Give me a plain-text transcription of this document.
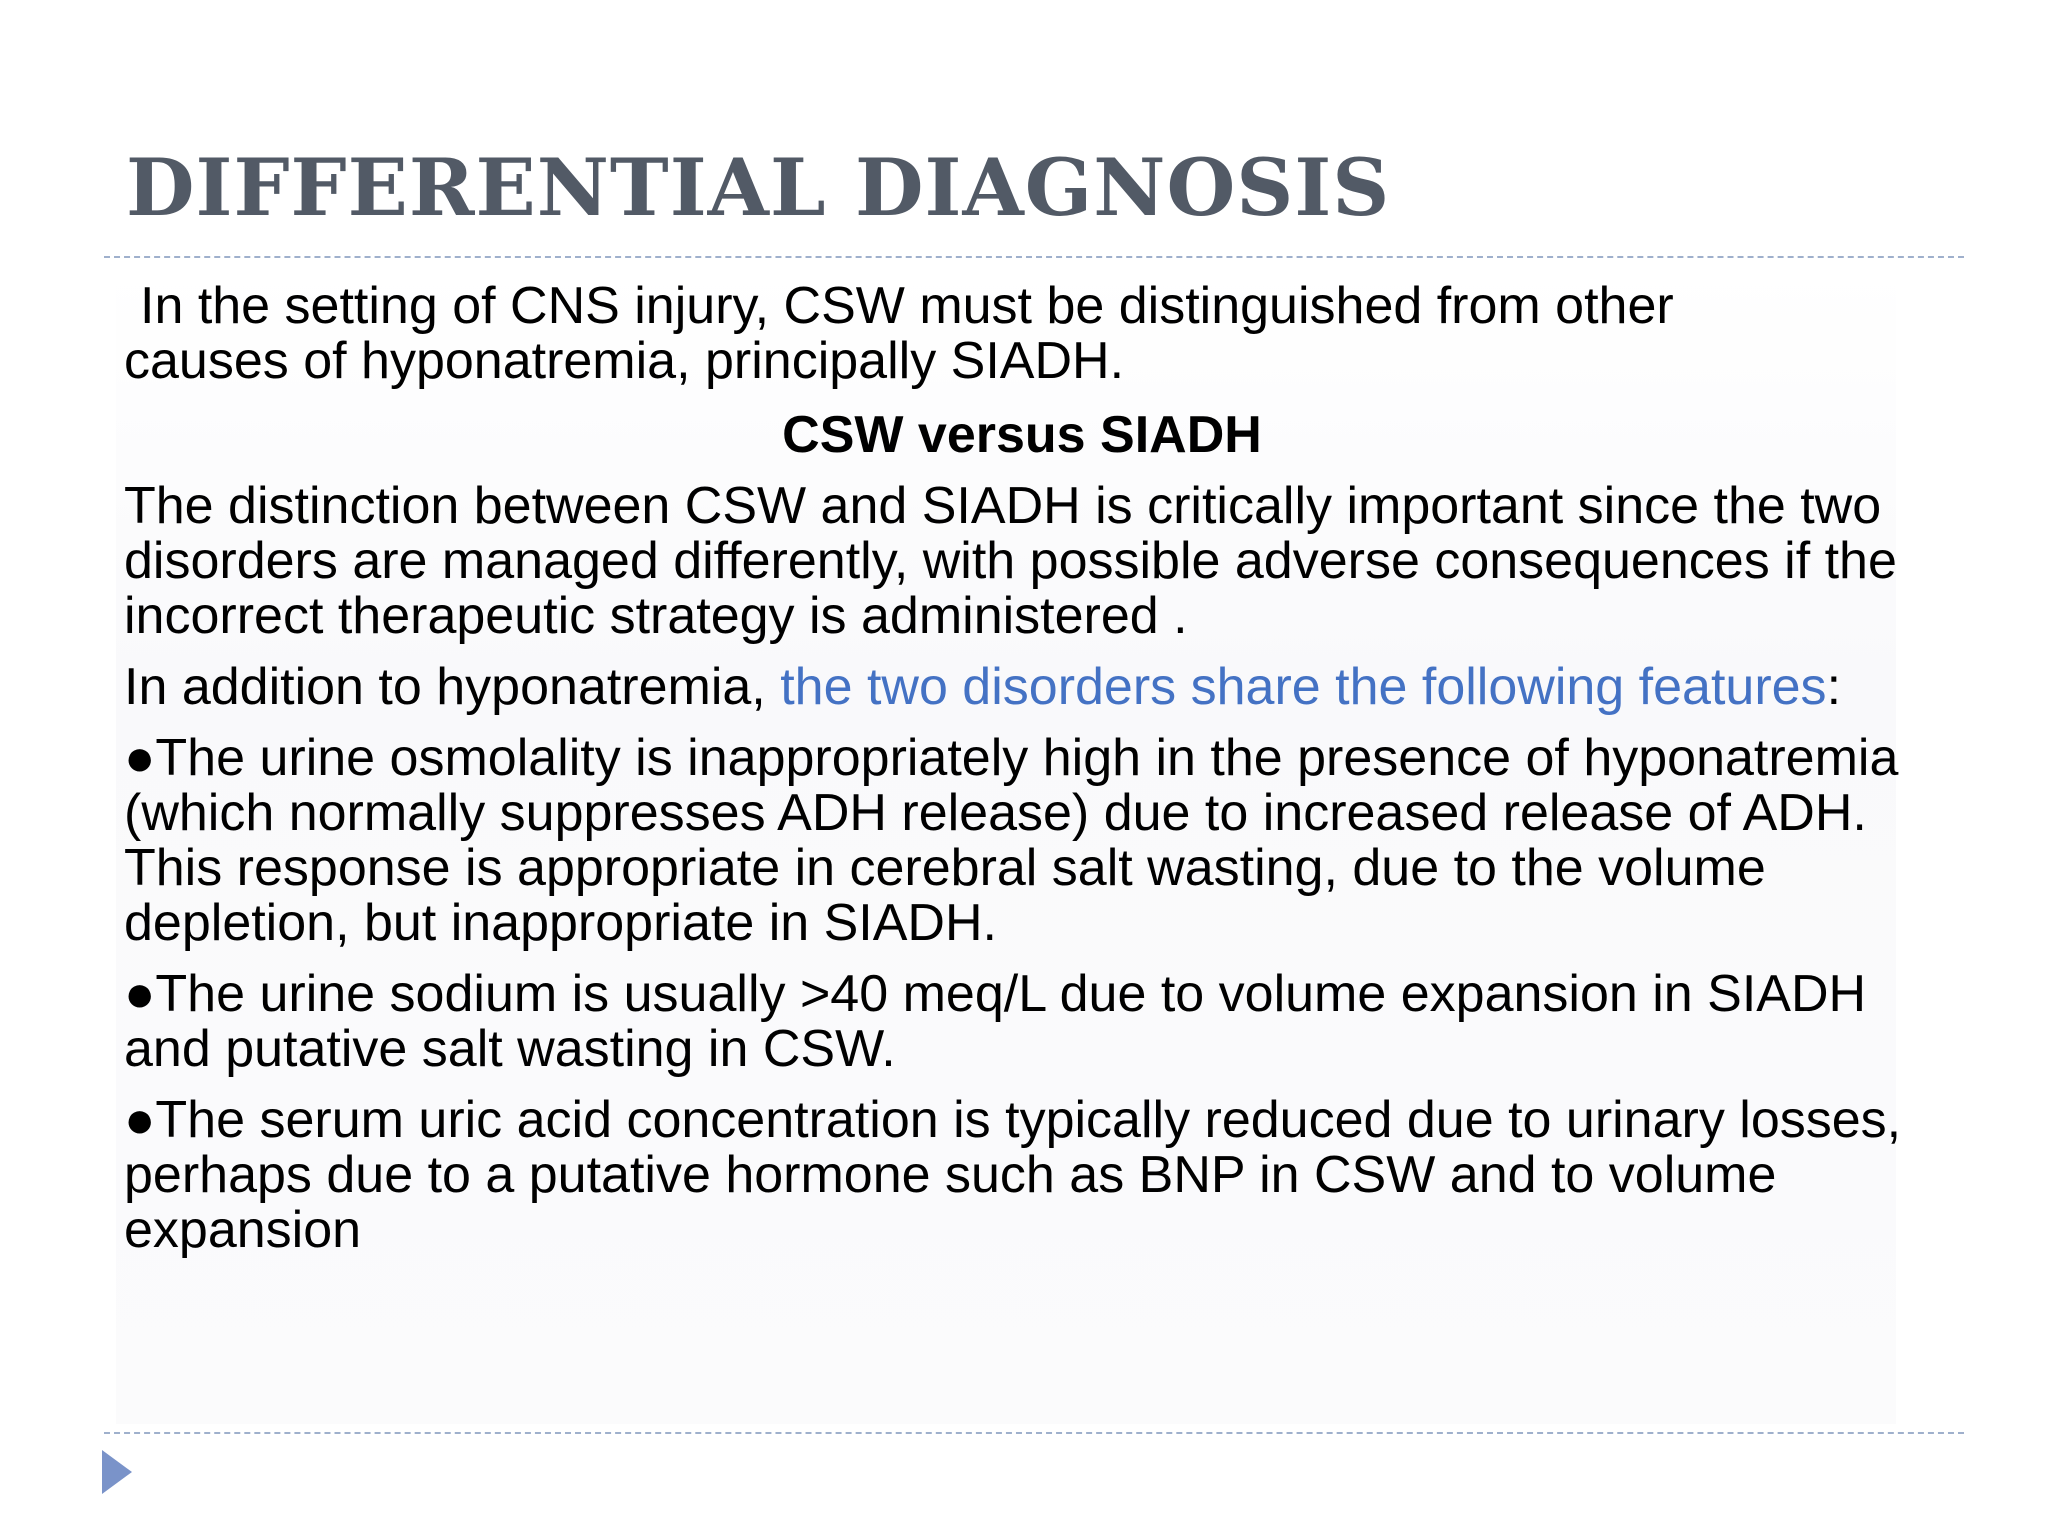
DIFFERENTIAL DIAGNOSIS

In the setting of CNS injury, CSW must be distinguished from other

causes of hyponatremia, principally SIADH.

CSW versus SIADH

The distinction between CSW and SIADH is critically important since the two disorders are managed differently, with possible adverse consequences if the incorrect therapeutic strategy is administered .

In addition to hyponatremia, the two disorders share the following features:

●The urine osmolality is inappropriately high in the presence of hyponatremia (which normally suppresses ADH release) due to increased release of ADH. This response is appropriate in cerebral salt wasting, due to the volume depletion, but inappropriate in SIADH.

●The urine sodium is usually >40 meq/L due to volume expansion in SIADH and putative salt wasting in CSW.

●The serum uric acid concentration is typically reduced due to urinary losses, perhaps due to a putative hormone such as BNP in CSW and to volume expansion
